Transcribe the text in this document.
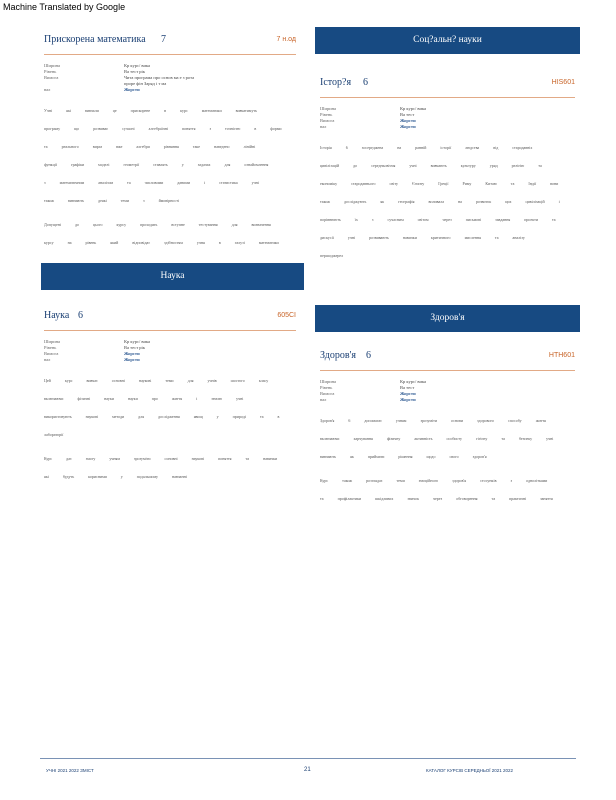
Machine Translated by Google
Прискорена математика 7	7 н.од
Ширина	Кр курс/ вика
Рівень	Ва тест рік
Вимога	Чита програма про основ ма е з рота
проре фін Заряд і т ма
вал	Жорсти
Учні	які	вивчали	це	прискорене	в	курс	математики	вивчатимутьпрограму	що	розвиває	сучасні	алгебраїчні	поняття	з	точністю	в	формита	реального	вираз	вже	алгебри	рівняння	таке	наведено	лінійніфункції	графіки	моделі	геометрії	ставлять	у	задачах	для	ознайомленняз	математичним	аналізом	та	числовими	даними	і	статистика	учнітакож	вивчають	деякі	теми	з	ймовірності
Допущені	до	цього	курсу	проходять	вступне	тестування	для	визначеннякурсу	на	рівень	який	відповідає	здібностям	учня	в	галузі	математики
Наука
Наука 6	605СІ
Ширина	Кр курс/ вика
Рівень	Ва тест рік
Вимога	Жорсти
вал	Жорсти
Цей	курс	вивчає	основні	наукові	теми	для	учнів	шостого	класувключаючи	фізичні	науки	науки	про	життя	і	землю	учнівикористовують	наукові	методи	для	дослідження	явищ	у	природі	та	влабораторії
Курс	дає	змогу	учням	зрозуміти	основні	наукові	поняття	та	навичкиякі	будуть	корисними	у	подальшому	навчанні
Соц?альн? науки
Icтор?я 6	HIS601
Ширина	Кр курс/ вика
Рівень	Ва тест
Вимога	Жорсти
вал	Жорсти
Історія	6	зосереджена	на	ранній	історії	людства	від	стародавніхцивілізацій	до	середньовіччя	учні	вивчають	культуру	уряд	релігію	таекономіку	стародавнього	світу	Єгипту	Греції	Риму	Китаю	та	Індії	вонитакож	досліджують	як	географія	впливала	на	розвиток	цих	цивілізацій	іпорівнюють	їх	з	сучасним	світом	через	письмові	завдання	проекти	тадискусії	учні	розвивають	навички	критичного	мислення	та	аналізупершоджерел
Здоров'я
Здоров'я 6	HTH601
Ширина	Кр курс/ вика
Рівень	Ва тест
Вимога	Жорсти
вал	Жорсти
Здоров'я	6	допомагає	учням	зрозуміти	основи	здорового	способу	життявключаючи	харчування	фізичну	активність	особисту	гігієну	та	безпеку	учнівивчають	як	приймати	рішення	щодо	свого	здоров'я
Курс	також	розглядає	теми	емоційного	здоров'я	стосунків	з	одноліткамита	профілактики	шкідливих	звичок	через	обговорення	та	практичні	заняття
УЧНІ 2021 2022 ЗМІСТ	21	КАТАЛОГ КУРСІВ СЕРЕДНЬОЇ 2021 2022
